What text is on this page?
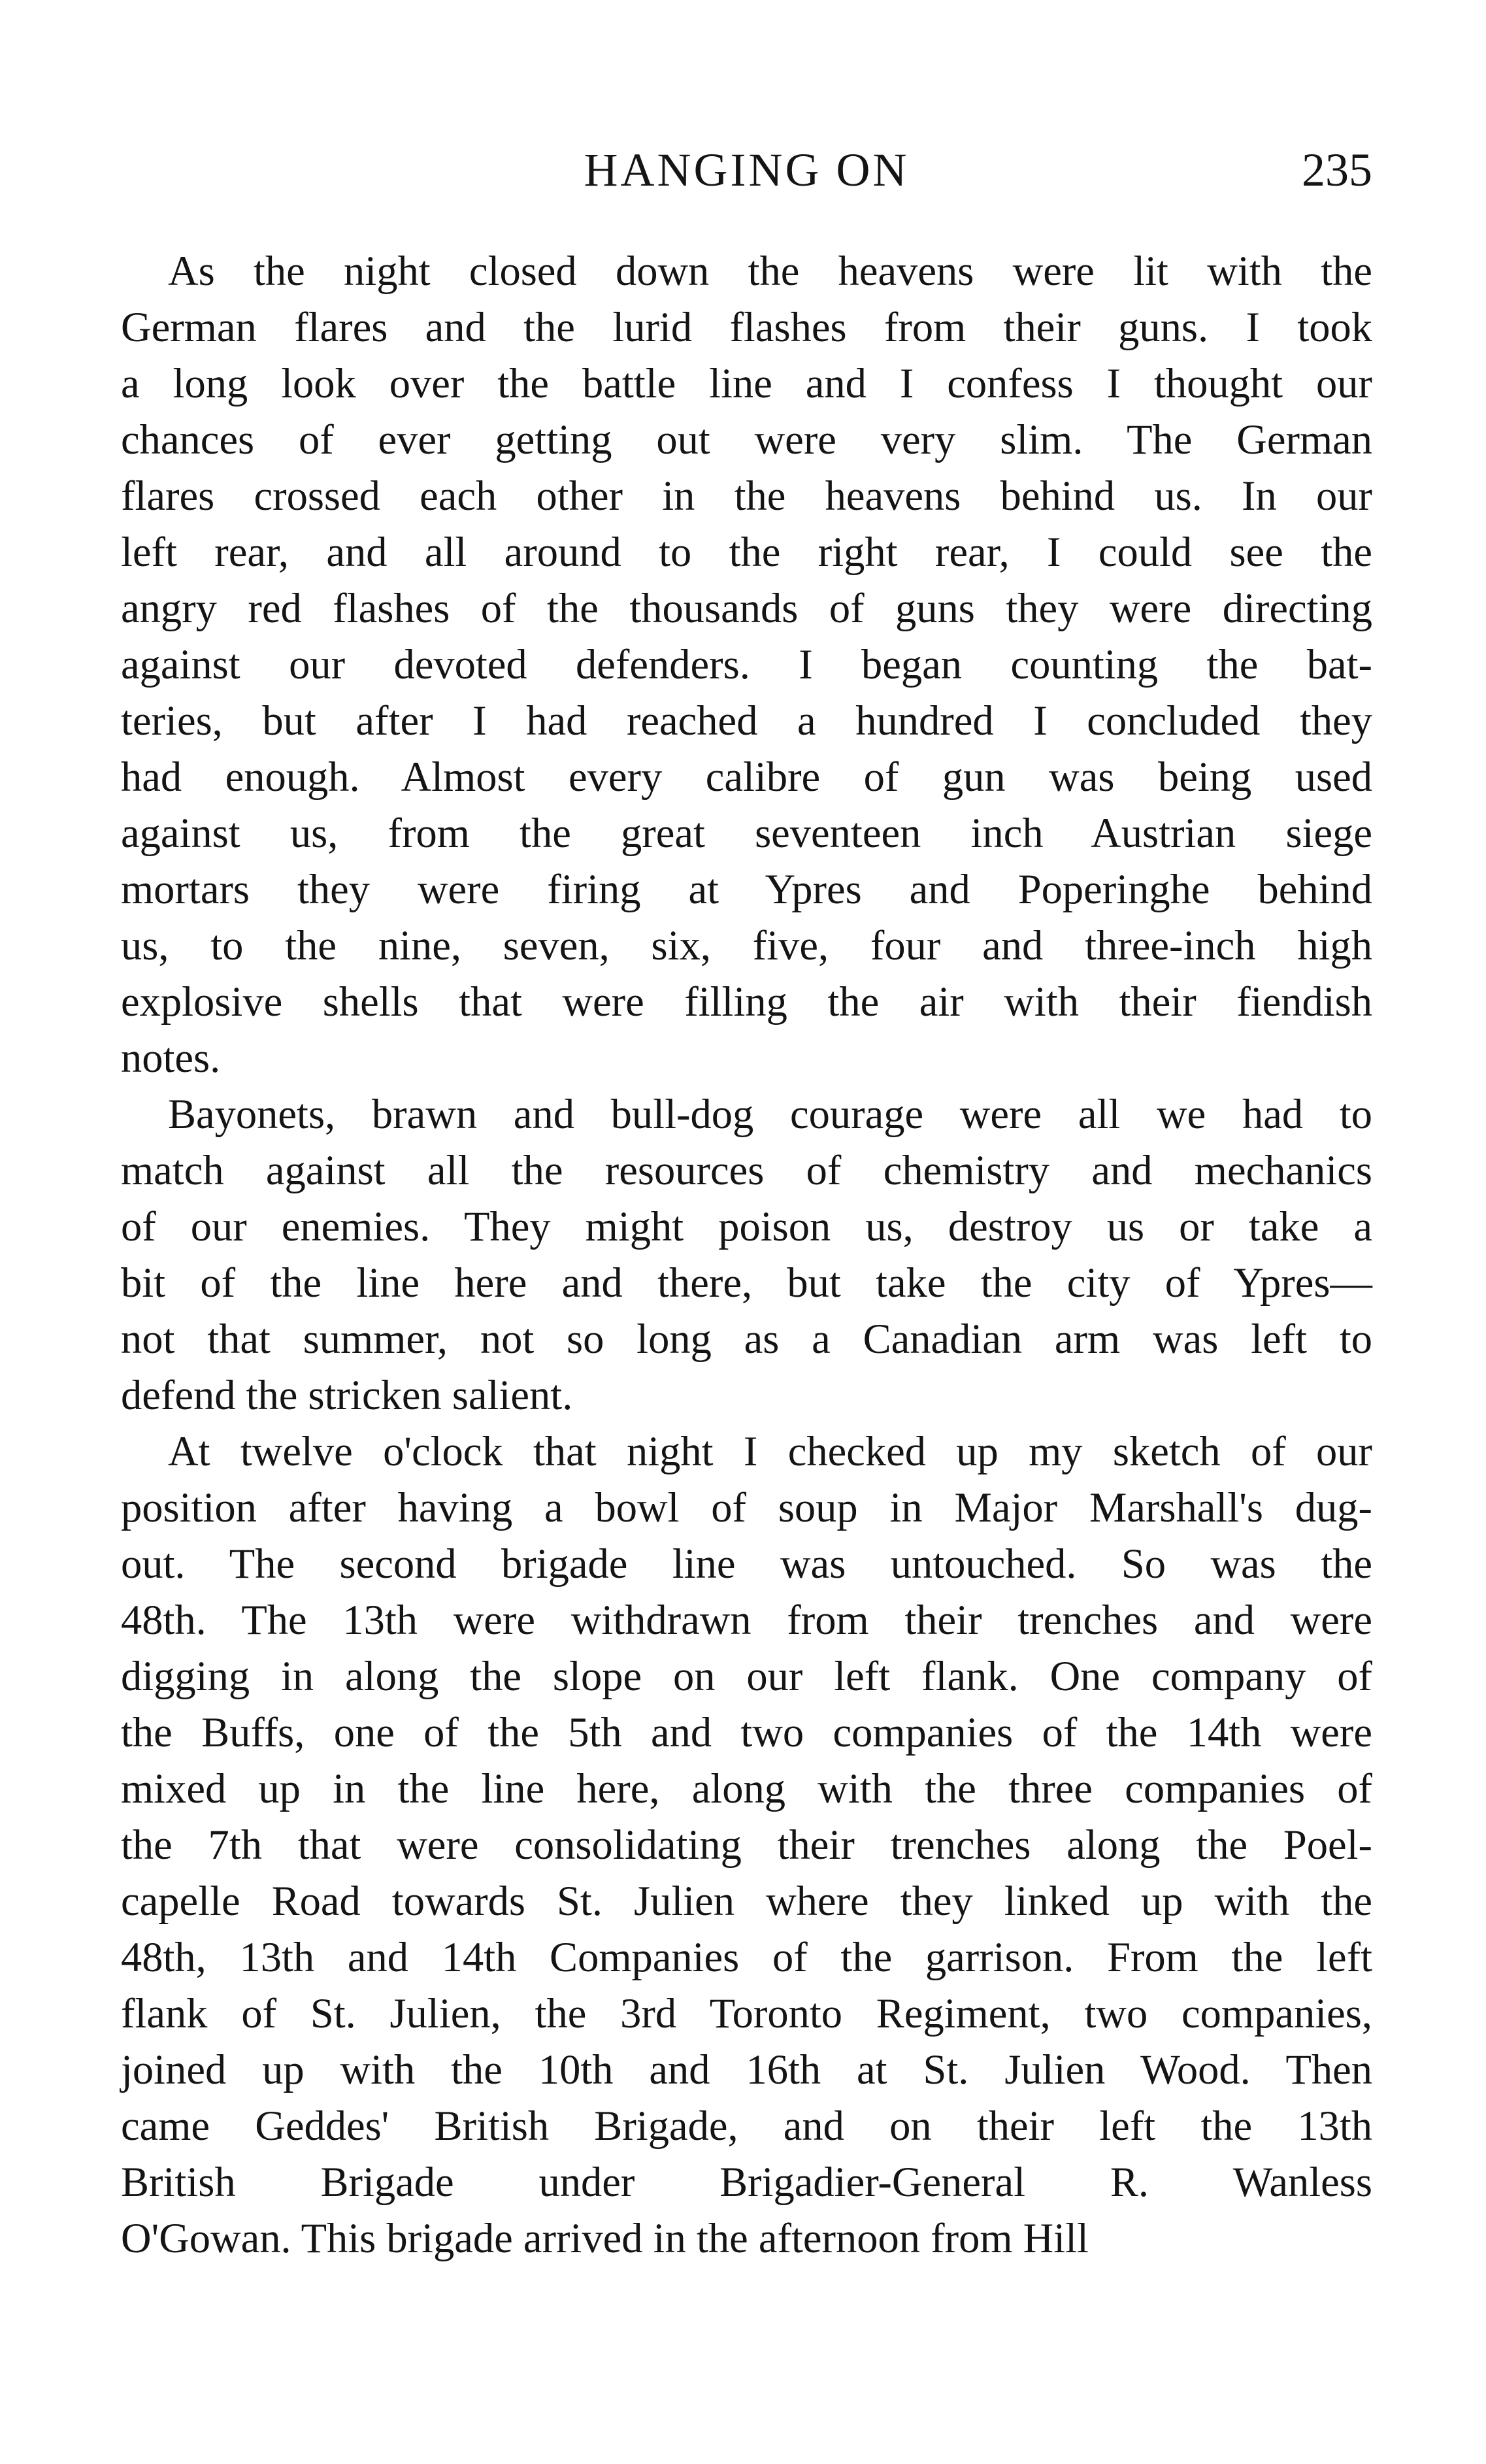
HANGING ON	235
As the night closed down the heavens were lit with the
German flares and the lurid flashes from their guns. I took
a long look over the battle line and I confess I thought our
chances of ever getting out were very slim. The German
flares crossed each other in the heavens behind us. In our
left rear, and all around to the right rear, I could see the
angry red flashes of the thousands of guns they were directing
against our devoted defenders. I began counting the bat-
teries, but after I had reached a hundred I concluded they
had enough. Almost every calibre of gun was being used
against us, from the great seventeen inch Austrian siege
mortars they were firing at Ypres and Poperinghe behind
us, to the nine, seven, six, five, four and three-inch high
explosive shells that were filling the air with their fiendish
notes.
Bayonets, brawn and bull-dog courage were all we had to
match against all the resources of chemistry and mechanics
of our enemies. They might poison us, destroy us or take a
bit of the line here and there, but take the city of Ypres—
not that summer, not so long as a Canadian arm was left to
defend the stricken salient.
At twelve o'clock that night I checked up my sketch of our
position after having a bowl of soup in Major Marshall's dug-
out. The second brigade line was untouched. So was the
48th. The 13th were withdrawn from their trenches and were
digging in along the slope on our left flank. One company of
the Buffs, one of the 5th and two companies of the 14th were
mixed up in the line here, along with the three companies of
the 7th that were consolidating their trenches along the Poel-
capelle Road towards St. Julien where they linked up with the
48th, 13th and 14th Companies of the garrison. From the left
flank of St. Julien, the 3rd Toronto Regiment, two companies,
joined up with the 10th and 16th at St. Julien Wood. Then
came Geddes' British Brigade, and on their left the 13th
British Brigade under Brigadier-General R. Wanless
O'Gowan. This brigade arrived in the afternoon from Hill
